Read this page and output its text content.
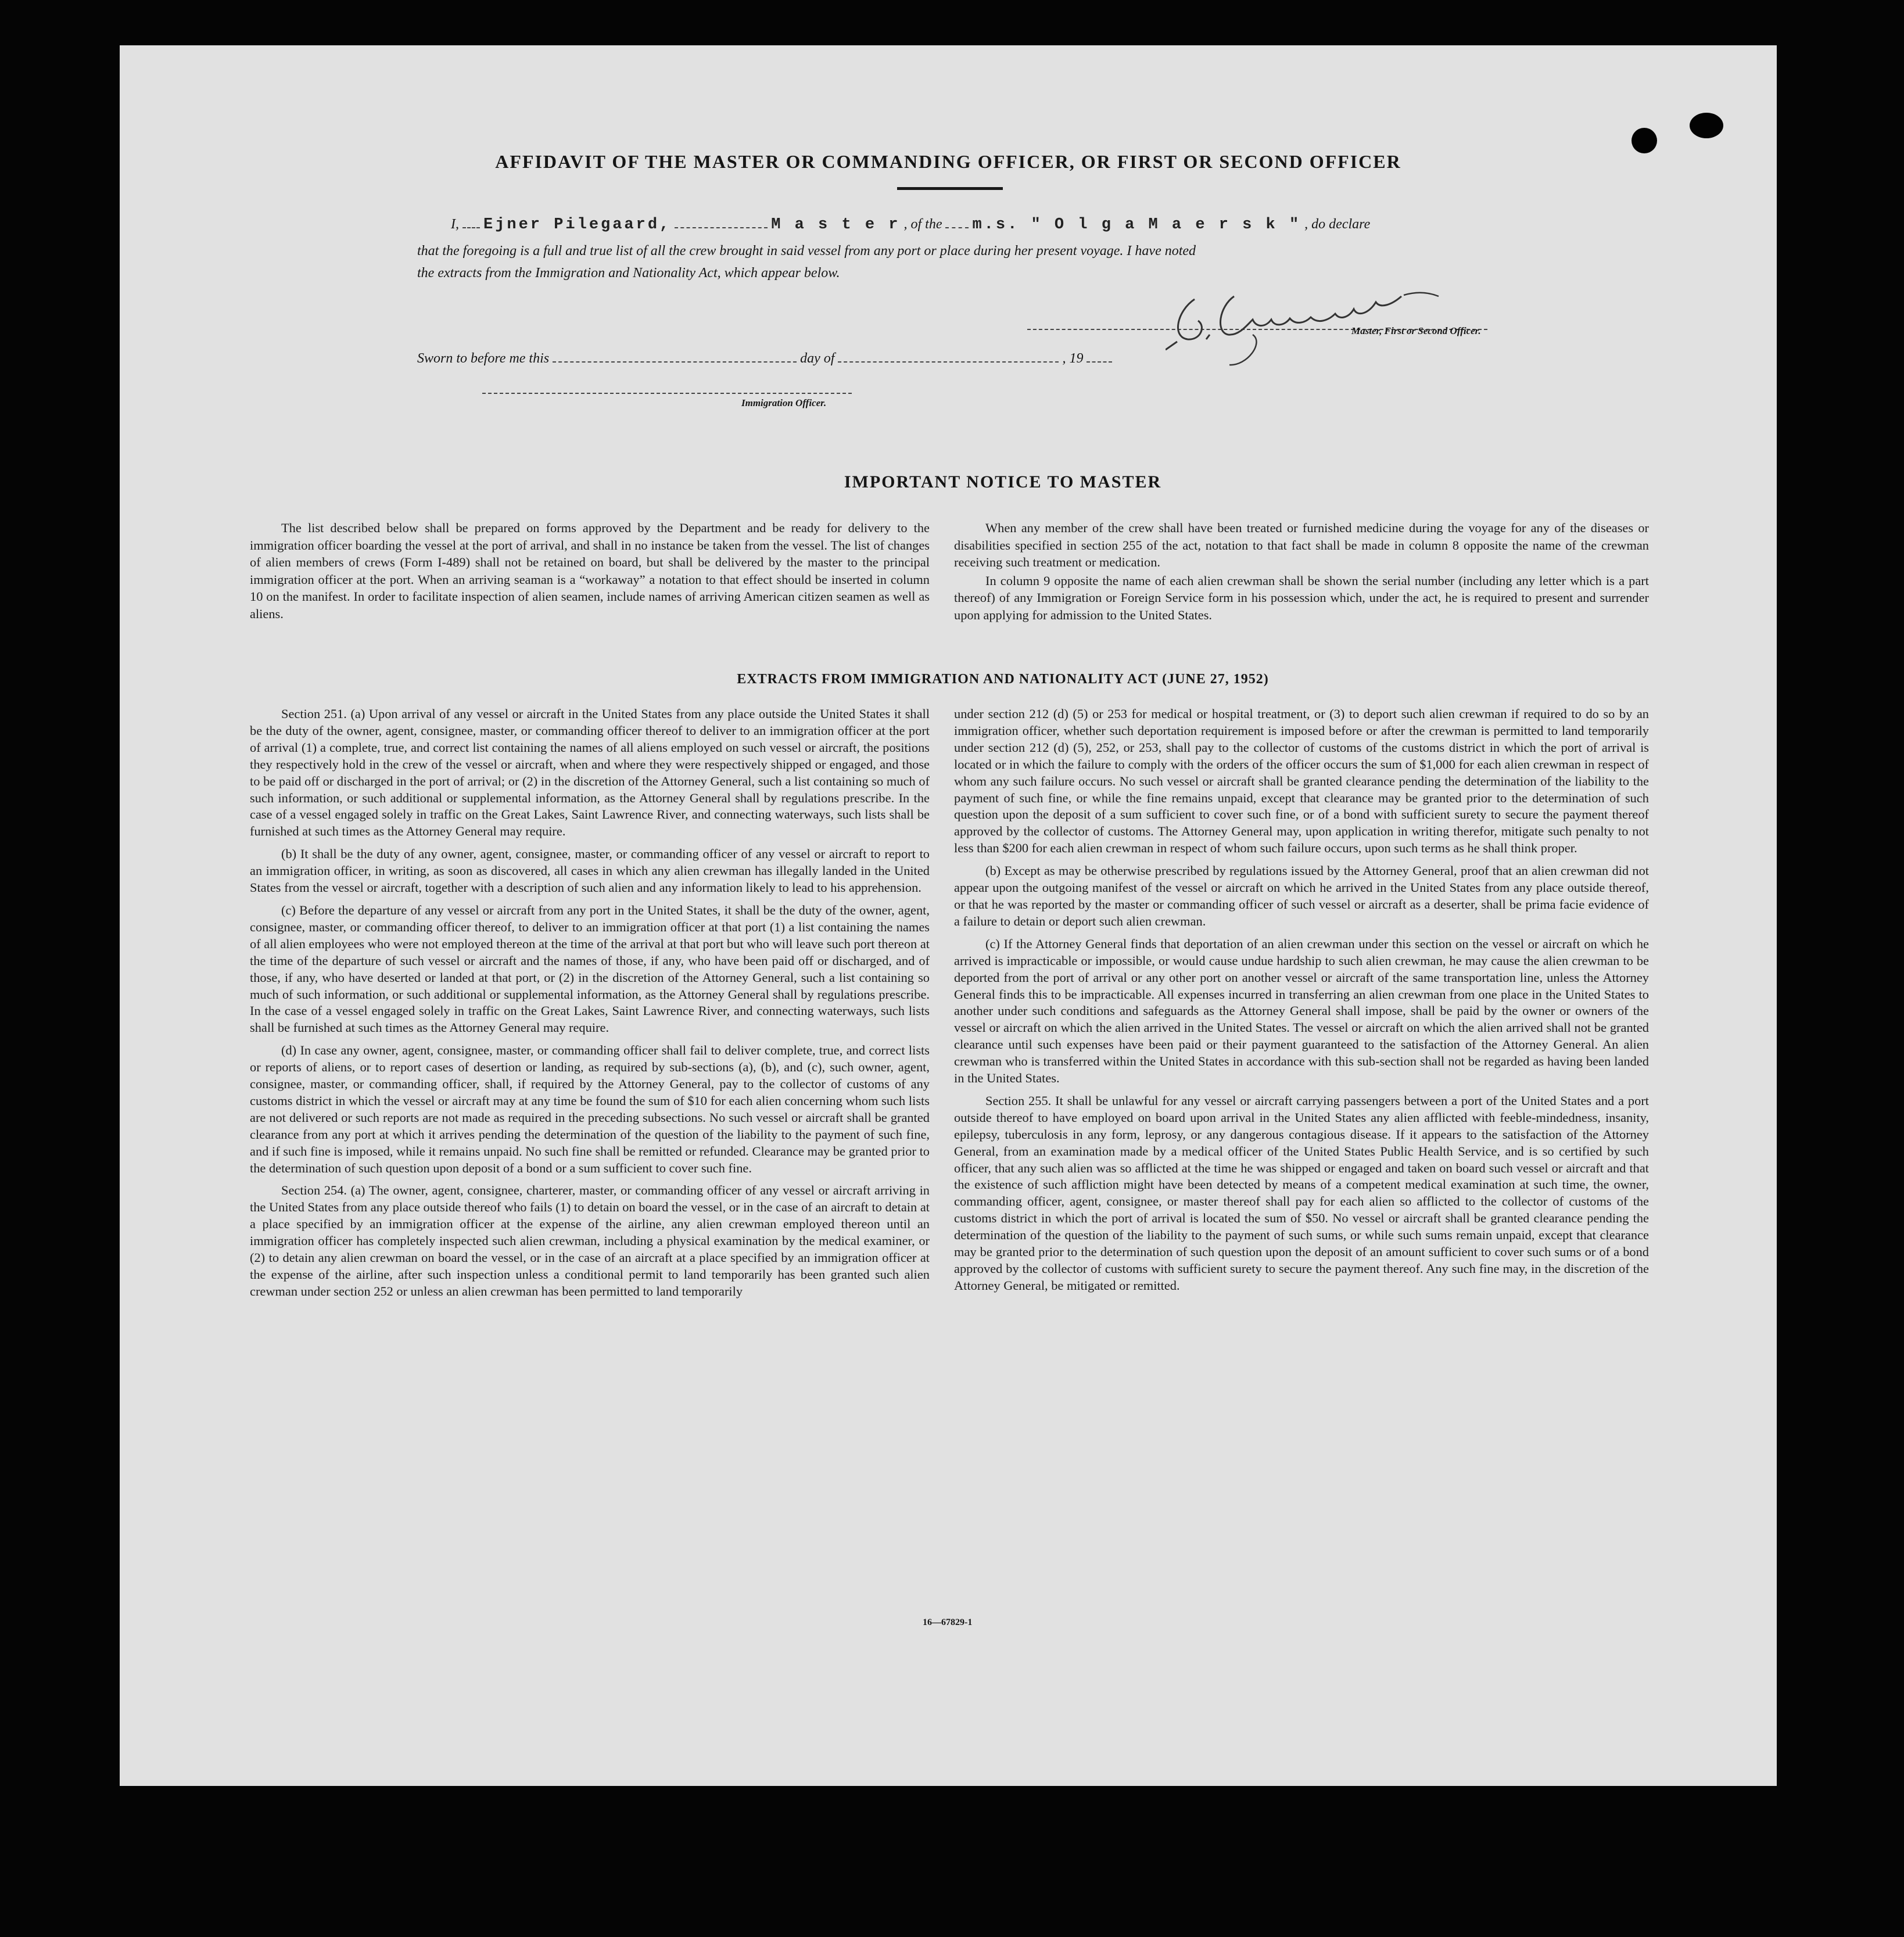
AFFIDAVIT OF THE MASTER OR COMMANDING OFFICER, OR FIRST OR SECOND OFFICER
I, Ejner Pilegaard,	M a s t e r , of the m.s. " O l g a M a e r s k " , do declare
that the foregoing is a full and true list of all the crew brought in said vessel from any port or place during her present voyage. I have noted
the extracts from the Immigration and Nationality Act, which appear below.
Master, First or Second Officer.
Sworn to before me this	day of	, 19
Immigration Officer.
IMPORTANT NOTICE TO MASTER

The list described below shall be prepared on forms approved by the Department and be ready for delivery to the immigration officer boarding the vessel at the port of arrival, and shall in no instance be taken from the vessel. The list of changes of alien members of crews (Form I-489) shall not be retained on board, but shall be delivered by the master to the principal immigration officer at the port. When an arriving seaman is a “workaway” a notation to that effect should be inserted in column 10 on the manifest. In order to facilitate inspection of alien seamen, include names of arriving American citizen seamen as well as aliens.

When any member of the crew shall have been treated or furnished medicine during the voyage for any of the diseases or disabilities specified in section 255 of the act, notation to that fact shall be made in column 8 opposite the name of the crewman receiving such treatment or medication.

In column 9 opposite the name of each alien crewman shall be shown the serial number (including any letter which is a part thereof) of any Immigration or Foreign Service form in his possession which, under the act, he is required to present and surrender upon applying for admission to the United States.

EXTRACTS FROM IMMIGRATION AND NATIONALITY ACT (JUNE 27, 1952)

Section 251. (a) Upon arrival of any vessel or aircraft in the United States from any place outside the United States it shall be the duty of the owner, agent, consignee, master, or commanding officer thereof to deliver to an immigration officer at the port of arrival (1) a complete, true, and correct list containing the names of all aliens employed on such vessel or aircraft, the positions they respectively hold in the crew of the vessel or aircraft, when and where they were respectively shipped or engaged, and those to be paid off or discharged in the port of arrival; or (2) in the discretion of the Attorney General, such a list containing so much of such information, or such additional or supplemental information, as the Attorney General shall by regulations prescribe. In the case of a vessel engaged solely in traffic on the Great Lakes, Saint Lawrence River, and connecting waterways, such lists shall be furnished at such times as the Attorney General may require.

(b) It shall be the duty of any owner, agent, consignee, master, or commanding officer of any vessel or aircraft to report to an immigration officer, in writing, as soon as discovered, all cases in which any alien crewman has illegally landed in the United States from the vessel or aircraft, together with a description of such alien and any information likely to lead to his apprehension.

(c) Before the departure of any vessel or aircraft from any port in the United States, it shall be the duty of the owner, agent, consignee, master, or commanding officer thereof, to deliver to an immigration officer at that port (1) a list containing the names of all alien employees who were not employed thereon at the time of the arrival at that port but who will leave such port thereon at the time of the departure of such vessel or aircraft and the names of those, if any, who have been paid off or discharged, and of those, if any, who have deserted or landed at that port, or (2) in the discretion of the Attorney General, such a list containing so much of such information, or such additional or supplemental information, as the Attorney General shall by regulations prescribe. In the case of a vessel engaged solely in traffic on the Great Lakes, Saint Lawrence River, and connecting waterways, such lists shall be furnished at such times as the Attorney General may require.

(d) In case any owner, agent, consignee, master, or commanding officer shall fail to deliver complete, true, and correct lists or reports of aliens, or to report cases of desertion or landing, as required by sub-sections (a), (b), and (c), such owner, agent, consignee, master, or commanding officer, shall, if required by the Attorney General, pay to the collector of customs of any customs district in which the vessel or aircraft may at any time be found the sum of $10 for each alien concerning whom such lists are not delivered or such reports are not made as required in the preceding subsections. No such vessel or aircraft shall be granted clearance from any port at which it arrives pending the determination of the question of the liability to the payment of such fine, and if such fine is imposed, while it remains unpaid. No such fine shall be remitted or refunded. Clearance may be granted prior to the determination of such question upon deposit of a bond or a sum sufficient to cover such fine.

Section 254. (a) The owner, agent, consignee, charterer, master, or commanding officer of any vessel or aircraft arriving in the United States from any place outside thereof who fails (1) to detain on board the vessel, or in the case of an aircraft to detain at a place specified by an immigration officer at the expense of the airline, any alien crewman employed thereon until an immigration officer has completely inspected such alien crewman, including a physical examination by the medical examiner, or (2) to detain any alien crewman on board the vessel, or in the case of an aircraft at a place specified by an immigration officer at the expense of the airline, after such inspection unless a conditional permit to land temporarily has been granted such alien crewman under section 252 or unless an alien crewman has been permitted to land temporarily

under section 212 (d) (5) or 253 for medical or hospital treatment, or (3) to deport such alien crewman if required to do so by an immigration officer, whether such deportation requirement is imposed before or after the crewman is permitted to land temporarily under section 212 (d) (5), 252, or 253, shall pay to the collector of customs of the customs district in which the port of arrival is located or in which the failure to comply with the orders of the officer occurs the sum of $1,000 for each alien crewman in respect of whom any such failure occurs. No such vessel or aircraft shall be granted clearance pending the determination of the liability to the payment of such fine, or while the fine remains unpaid, except that clearance may be granted prior to the determination of such question upon the deposit of a sum sufficient to cover such fine, or of a bond with sufficient surety to secure the payment thereof approved by the collector of customs. The Attorney General may, upon application in writing therefor, mitigate such penalty to not less than $200 for each alien crewman in respect of whom such failure occurs, upon such terms as he shall think proper.

(b) Except as may be otherwise prescribed by regulations issued by the Attorney General, proof that an alien crewman did not appear upon the outgoing manifest of the vessel or aircraft on which he arrived in the United States from any place outside thereof, or that he was reported by the master or commanding officer of such vessel or aircraft as a deserter, shall be prima facie evidence of a failure to detain or deport such alien crewman.

(c) If the Attorney General finds that deportation of an alien crewman under this section on the vessel or aircraft on which he arrived is impracticable or impossible, or would cause undue hardship to such alien crewman, he may cause the alien crewman to be deported from the port of arrival or any other port on another vessel or aircraft of the same transportation line, unless the Attorney General finds this to be impracticable. All expenses incurred in transferring an alien crewman from one place in the United States to another under such conditions and safeguards as the Attorney General shall impose, shall be paid by the owner or owners of the vessel or aircraft on which the alien arrived in the United States. The vessel or aircraft on which the alien arrived shall not be granted clearance until such expenses have been paid or their payment guaranteed to the satisfaction of the Attorney General. An alien crewman who is transferred within the United States in accordance with this sub-section shall not be regarded as having been landed in the United States.

Section 255. It shall be unlawful for any vessel or aircraft carrying passengers between a port of the United States and a port outside thereof to have employed on board upon arrival in the United States any alien afflicted with feeble-mindedness, insanity, epilepsy, tuberculosis in any form, leprosy, or any dangerous contagious disease. If it appears to the satisfaction of the Attorney General, from an examination made by a medical officer of the United States Public Health Service, and is so certified by such officer, that any such alien was so afflicted at the time he was shipped or engaged and taken on board such vessel or aircraft and that the existence of such affliction might have been detected by means of a competent medical examination at such time, the owner, commanding officer, agent, consignee, or master thereof shall pay for each alien so afflicted to the collector of customs of the customs district in which the port of arrival is located the sum of $50. No vessel or aircraft shall be granted clearance pending the determination of the question of the liability to the payment of such sums, or while such sums remain unpaid, except that clearance may be granted prior to the determination of such question upon the deposit of an amount sufficient to cover such sums or of a bond approved by the collector of customs with sufficient surety to secure the payment thereof. Any such fine may, in the discretion of the Attorney General, be mitigated or remitted.

16—67829-1
